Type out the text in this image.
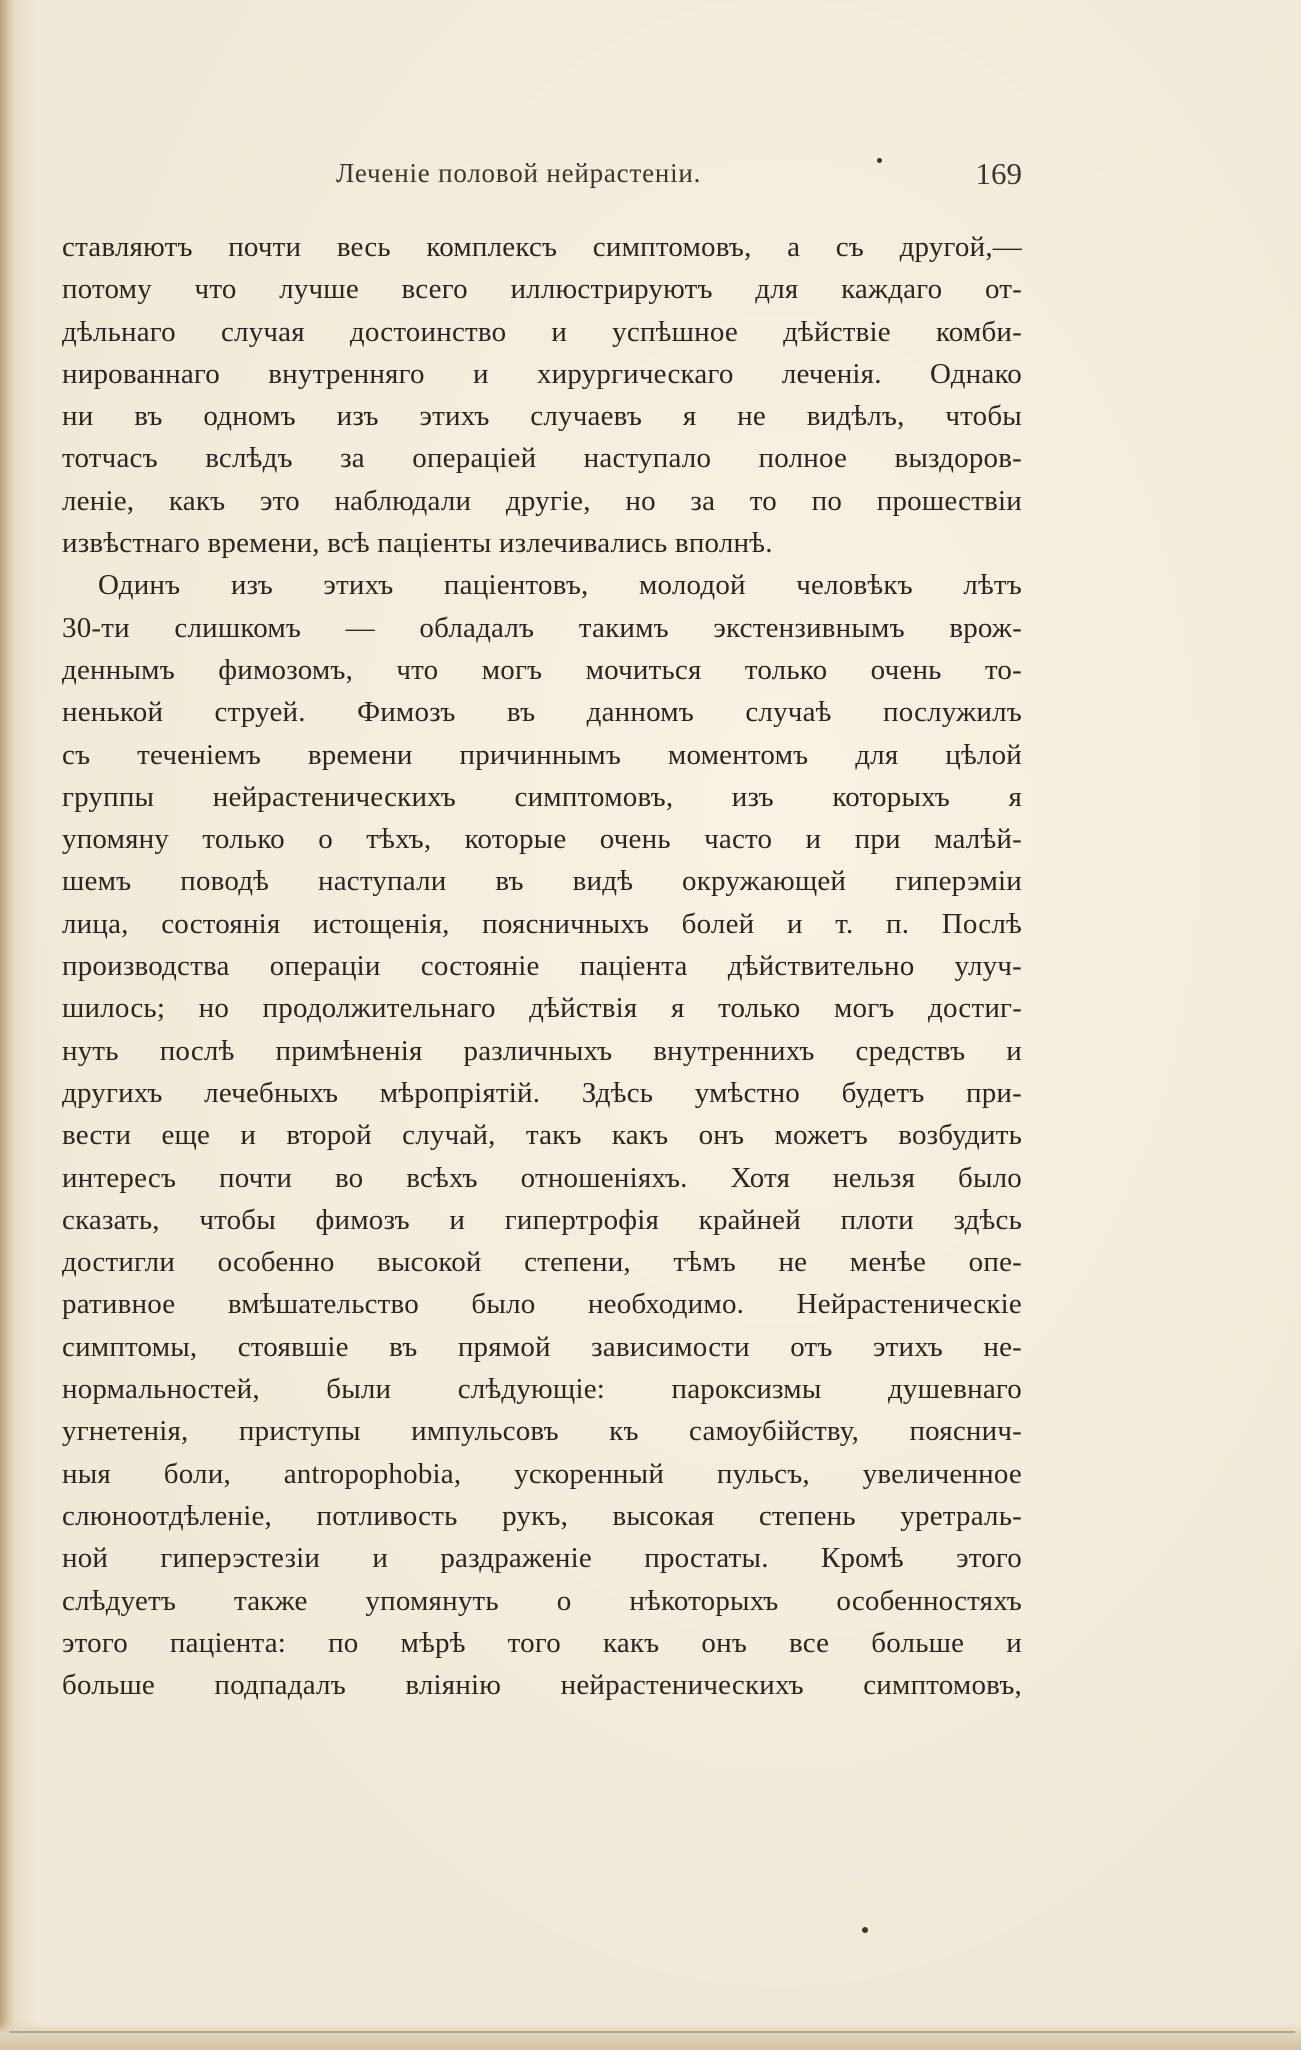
Леченіе половой нейрастеніи.	169
ставляютъ почти весь комплексъ симптомовъ, а съ другой,—
потому что лучше всего иллюстрируютъ для каждаго от-
дѣльнаго случая достоинство и успѣшное дѣйствіе комби-
нированнаго внутренняго и хирургическаго леченія. Однако
ни въ одномъ изъ этихъ случаевъ я не видѣлъ, чтобы
тотчасъ вслѣдъ за операціей наступало полное выздоров-
леніе, какъ это наблюдали другіе, но за то по прошествіи
извѣстнаго времени, всѣ паціенты излечивались вполнѣ.
Одинъ изъ этихъ паціентовъ, молодой человѣкъ лѣтъ
30-ти слишкомъ — обладалъ такимъ экстензивнымъ врож-
деннымъ фимозомъ, что могъ мочиться только очень то-
ненькой струей. Фимозъ въ данномъ случаѣ послужилъ
съ теченіемъ времени причиннымъ моментомъ для цѣлой
группы нейрастеническихъ симптомовъ, изъ которыхъ я
упомяну только о тѣхъ, которые очень часто и при малѣй-
шемъ поводѣ наступали въ видѣ окружающей гиперэміи
лица, состоянія истощенія, поясничныхъ болей и т. п. Послѣ
производства операціи состояніе паціента дѣйствительно улуч-
шилось; но продолжительнаго дѣйствія я только могъ достиг-
нуть послѣ примѣненія различныхъ внутреннихъ средствъ и
другихъ лечебныхъ мѣропріятій. Здѣсь умѣстно будетъ при-
вести еще и второй случай, такъ какъ онъ можетъ возбудить
интересъ почти во всѣхъ отношеніяхъ. Хотя нельзя было
сказать, чтобы фимозъ и гипертрофія крайней плоти здѣсь
достигли особенно высокой степени, тѣмъ не менѣе опе-
ративное вмѣшательство было необходимо. Нейрастеническіе
симптомы, стоявшіе въ прямой зависимости отъ этихъ не-
нормальностей, были слѣдующіе: пароксизмы душевнаго
угнетенія, приступы импульсовъ къ самоубійству, пояснич-
ныя боли, antropophobia, ускоренный пульсъ, увеличенное
слюноотдѣленіе, потливость рукъ, высокая степень уретраль-
ной гиперэстезіи и раздраженіе простаты. Кромѣ этого
слѣдуетъ также упомянуть о нѣкоторыхъ особенностяхъ
этого паціента: по мѣрѣ того какъ онъ все больше и
больше подпадалъ вліянію нейрастеническихъ симптомовъ,
